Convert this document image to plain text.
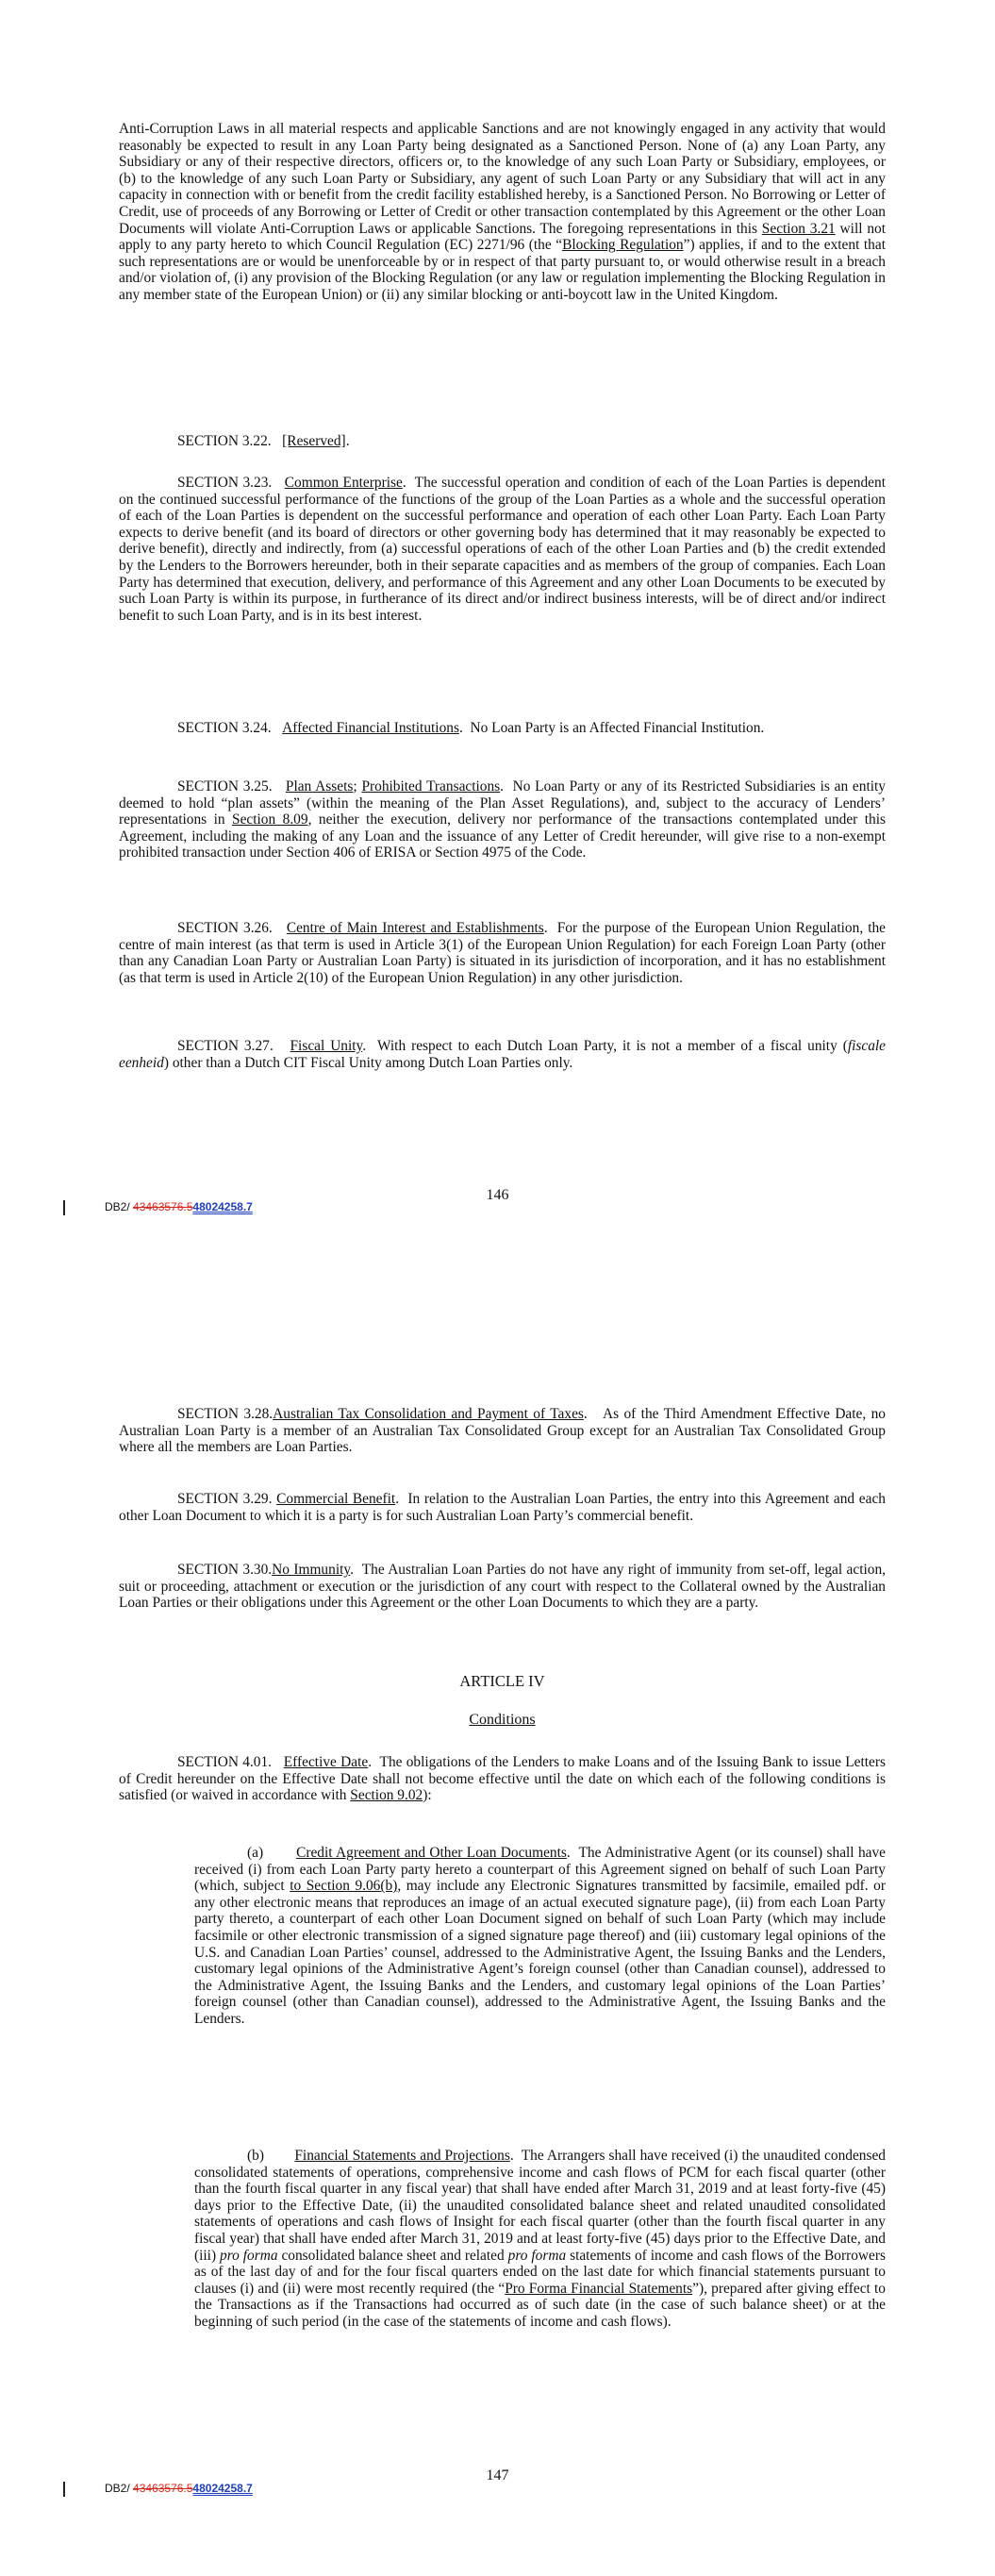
Anti-Corruption Laws in all material respects and applicable Sanctions and are not knowingly engaged in any activity that would reasonably be expected to result in any Loan Party being designated as a Sanctioned Person. None of (a) any Loan Party, any Subsidiary or any of their respective directors, officers or, to the knowledge of any such Loan Party or Subsidiary, employees, or (b) to the knowledge of any such Loan Party or Subsidiary, any agent of such Loan Party or any Subsidiary that will act in any capacity in connection with or benefit from the credit facility established hereby, is a Sanctioned Person. No Borrowing or Letter of Credit, use of proceeds of any Borrowing or Letter of Credit or other transaction contemplated by this Agreement or the other Loan Documents will violate Anti-Corruption Laws or applicable Sanctions. The foregoing representations in this Section 3.21 will not apply to any party hereto to which Council Regulation (EC) 2271/96 (the “Blocking Regulation”) applies, if and to the extent that such representations are or would be unenforceable by or in respect of that party pursuant to, or would otherwise result in a breach and/or violation of, (i) any provision of the Blocking Regulation (or any law or regulation implementing the Blocking Regulation in any member state of the European Union) or (ii) any similar blocking or anti-boycott law in the United Kingdom.
SECTION 3.22. [Reserved].
SECTION 3.23. Common Enterprise.  The successful operation and condition of each of the Loan Parties is dependent on the continued successful performance of the functions of the group of the Loan Parties as a whole and the successful operation of each of the Loan Parties is dependent on the successful performance and operation of each other Loan Party. Each Loan Party expects to derive benefit (and its board of directors or other governing body has determined that it may reasonably be expected to derive benefit), directly and indirectly, from (a) successful operations of each of the other Loan Parties and (b) the credit extended by the Lenders to the Borrowers hereunder, both in their separate capacities and as members of the group of companies. Each Loan Party has determined that execution, delivery, and performance of this Agreement and any other Loan Documents to be executed by such Loan Party is within its purpose, in furtherance of its direct and/or indirect business interests, will be of direct and/or indirect benefit to such Loan Party, and is in its best interest.
SECTION 3.24. Affected Financial Institutions.  No Loan Party is an Affected Financial Institution.
SECTION 3.25. Plan Assets; Prohibited Transactions.  No Loan Party or any of its Restricted Subsidiaries is an entity deemed to hold “plan assets” (within the meaning of the Plan Asset Regulations), and, subject to the accuracy of Lenders’ representations in Section 8.09, neither the execution, delivery nor performance of the transactions contemplated under this Agreement, including the making of any Loan and the issuance of any Letter of Credit hereunder, will give rise to a non-exempt prohibited transaction under Section 406 of ERISA or Section 4975 of the Code.
SECTION 3.26. Centre of Main Interest and Establishments.  For the purpose of the European Union Regulation, the centre of main interest (as that term is used in Article 3(1) of the European Union Regulation) for each Foreign Loan Party (other than any Canadian Loan Party or Australian Loan Party) is situated in its jurisdiction of incorporation, and it has no establishment (as that term is used in Article 2(10) of the European Union Regulation) in any other jurisdiction.
SECTION 3.27. Fiscal Unity.  With respect to each Dutch Loan Party, it is not a member of a fiscal unity (fiscale eenheid) other than a Dutch CIT Fiscal Unity among Dutch Loan Parties only.
146
DB2/ 43463576.548024258.7
SECTION 3.28.Australian Tax Consolidation and Payment of Taxes.   As of the Third Amendment Effective Date, no Australian Loan Party is a member of an Australian Tax Consolidated Group except for an Australian Tax Consolidated Group where all the members are Loan Parties.
SECTION 3.29. Commercial Benefit.  In relation to the Australian Loan Parties, the entry into this Agreement and each other Loan Document to which it is a party is for such Australian Loan Party’s commercial benefit.
SECTION 3.30.No Immunity.  The Australian Loan Parties do not have any right of immunity from set-off, legal action, suit or proceeding, attachment or execution or the jurisdiction of any court with respect to the Collateral owned by the Australian Loan Parties or their obligations under this Agreement or the other Loan Documents to which they are a party.
ARTICLE IV
Conditions
SECTION 4.01. Effective Date.  The obligations of the Lenders to make Loans and of the Issuing Bank to issue Letters of Credit hereunder on the Effective Date shall not become effective until the date on which each of the following conditions is satisfied (or waived in accordance with Section 9.02):
(a) Credit Agreement and Other Loan Documents.  The Administrative Agent (or its counsel) shall have received (i) from each Loan Party party hereto a counterpart of this Agreement signed on behalf of such Loan Party (which, subject to Section 9.06(b), may include any Electronic Signatures transmitted by facsimile, emailed pdf. or any other electronic means that reproduces an image of an actual executed signature page), (ii) from each Loan Party party thereto, a counterpart of each other Loan Document signed on behalf of such Loan Party (which may include facsimile or other electronic transmission of a signed signature page thereof) and (iii) customary legal opinions of the U.S. and Canadian Loan Parties’ counsel, addressed to the Administrative Agent, the Issuing Banks and the Lenders, customary legal opinions of the Administrative Agent’s foreign counsel (other than Canadian counsel), addressed to the Administrative Agent, the Issuing Banks and the Lenders, and customary legal opinions of the Loan Parties’ foreign counsel (other than Canadian counsel), addressed to the Administrative Agent, the Issuing Banks and the Lenders.
(b) Financial Statements and Projections.  The Arrangers shall have received (i) the unaudited condensed consolidated statements of operations, comprehensive income and cash flows of PCM for each fiscal quarter (other than the fourth fiscal quarter in any fiscal year) that shall have ended after March 31, 2019 and at least forty-five (45) days prior to the Effective Date, (ii) the unaudited consolidated balance sheet and related unaudited consolidated statements of operations and cash flows of Insight for each fiscal quarter (other than the fourth fiscal quarter in any fiscal year) that shall have ended after March 31, 2019 and at least forty-five (45) days prior to the Effective Date, and (iii) pro forma consolidated balance sheet and related pro forma statements of income and cash flows of the Borrowers as of the last day of and for the four fiscal quarters ended on the last date for which financial statements pursuant to clauses (i) and (ii) were most recently required (the “Pro Forma Financial Statements”), prepared after giving effect to the Transactions as if the Transactions had occurred as of such date (in the case of such balance sheet) or at the beginning of such period (in the case of the statements of income and cash flows).
147
DB2/ 43463576.548024258.7
